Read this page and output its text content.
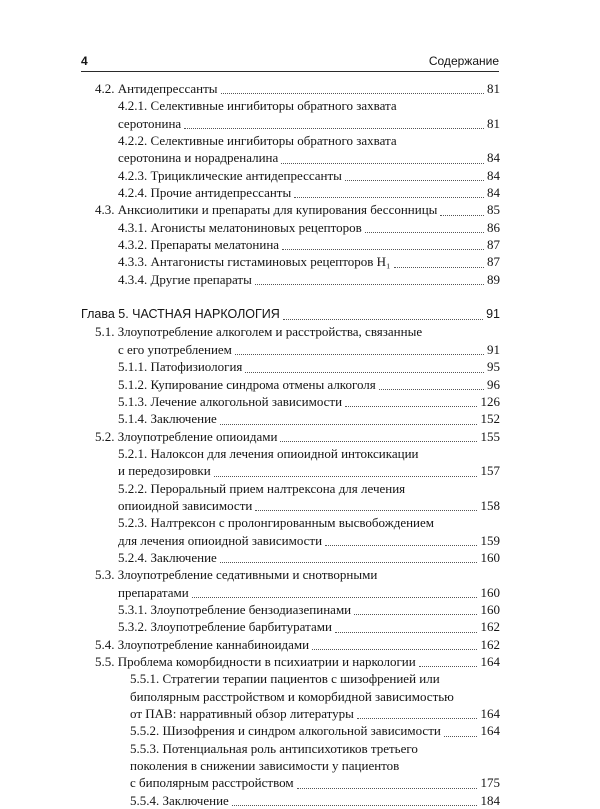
4	Содержание
4.2. Антидепрессанты	81
4.2.1. Селективные ингибиторы обратного захвата
серотонина	81
4.2.2. Селективные ингибиторы обратного захвата
серотонина и норадреналина	84
4.2.3. Трициклические антидепрессанты	84
4.2.4. Прочие антидепрессанты	84
4.3. Анксиолитики и препараты для купирования бессонницы	85
4.3.1. Агонисты мелатониновых рецепторов	86
4.3.2. Препараты мелатонина	87
4.3.3. Антагонисты гистаминовых рецепторов H₁	87
4.3.4. Другие препараты	89
Глава 5. ЧАСТНАЯ НАРКОЛОГИЯ	91
5.1. Злоупотребление алкоголем и расстройства, связанные
с его употреблением	91
5.1.1. Патофизиология	95
5.1.2. Купирование синдрома отмены алкоголя	96
5.1.3. Лечение алкогольной зависимости	126
5.1.4. Заключение	152
5.2. Злоупотребление опиоидами	155
5.2.1. Налоксон для лечения опиоидной интоксикации
и передозировки	157
5.2.2. Пероральный прием налтрексона для лечения
опиоидной зависимости	158
5.2.3. Налтрексон с пролонгированным высвобождением
для лечения опиоидной зависимости	159
5.2.4. Заключение	160
5.3. Злоупотребление седативными и снотворными
препаратами	160
5.3.1. Злоупотребление бензодиазепинами	160
5.3.2. Злоупотребление барбитуратами	162
5.4. Злоупотребление каннабиноидами	162
5.5. Проблема коморбидности в психиатрии и наркологии	164
5.5.1. Стратегии терапии пациентов с шизофренией или
биполярным расстройством и коморбидной зависимостью
от ПАВ: нарративный обзор литературы	164
5.5.2. Шизофрения и синдром алкогольной зависимости	164
5.5.3. Потенциальная роль антипсихотиков третьего
поколения в снижении зависимости у пациентов
с биполярным расстройством	175
5.5.4. Заключение	184
